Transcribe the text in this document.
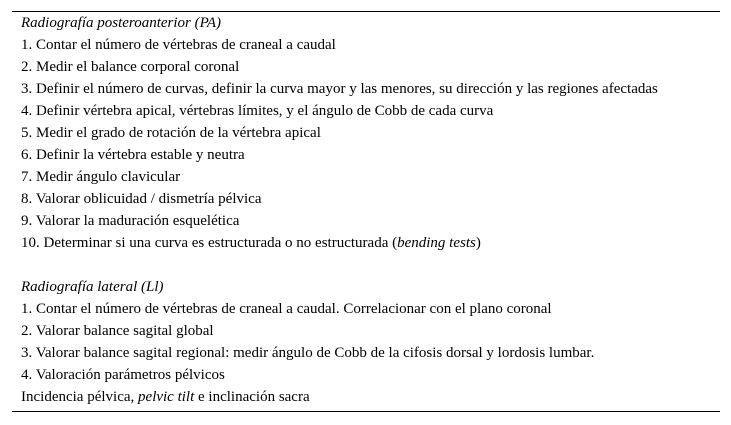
Radiografía posteroanterior (PA)
1. Contar el número de vértebras de craneal a caudal
2. Medir el balance corporal coronal
3. Definir el número de curvas, definir la curva mayor y las menores, su dirección y las regiones afectadas
4. Definir vértebra apical, vértebras límites, y el ángulo de Cobb de cada curva
5. Medir el grado de rotación de la vértebra apical
6. Definir la vértebra estable y neutra
7. Medir ángulo clavicular
8. Valorar oblicuidad / dismetría pélvica
9. Valorar la maduración esquelética
10. Determinar si una curva es estructurada o no estructurada (bending tests)
Radiografía lateral (Ll)
1. Contar el número de vértebras de craneal a caudal. Correlacionar con el plano coronal
2. Valorar balance sagital global
3. Valorar balance sagital regional: medir ángulo de Cobb de la cifosis dorsal y lordosis lumbar.
4. Valoración parámetros pélvicos
Incidencia pélvica, pelvic tilt e inclinación sacra
